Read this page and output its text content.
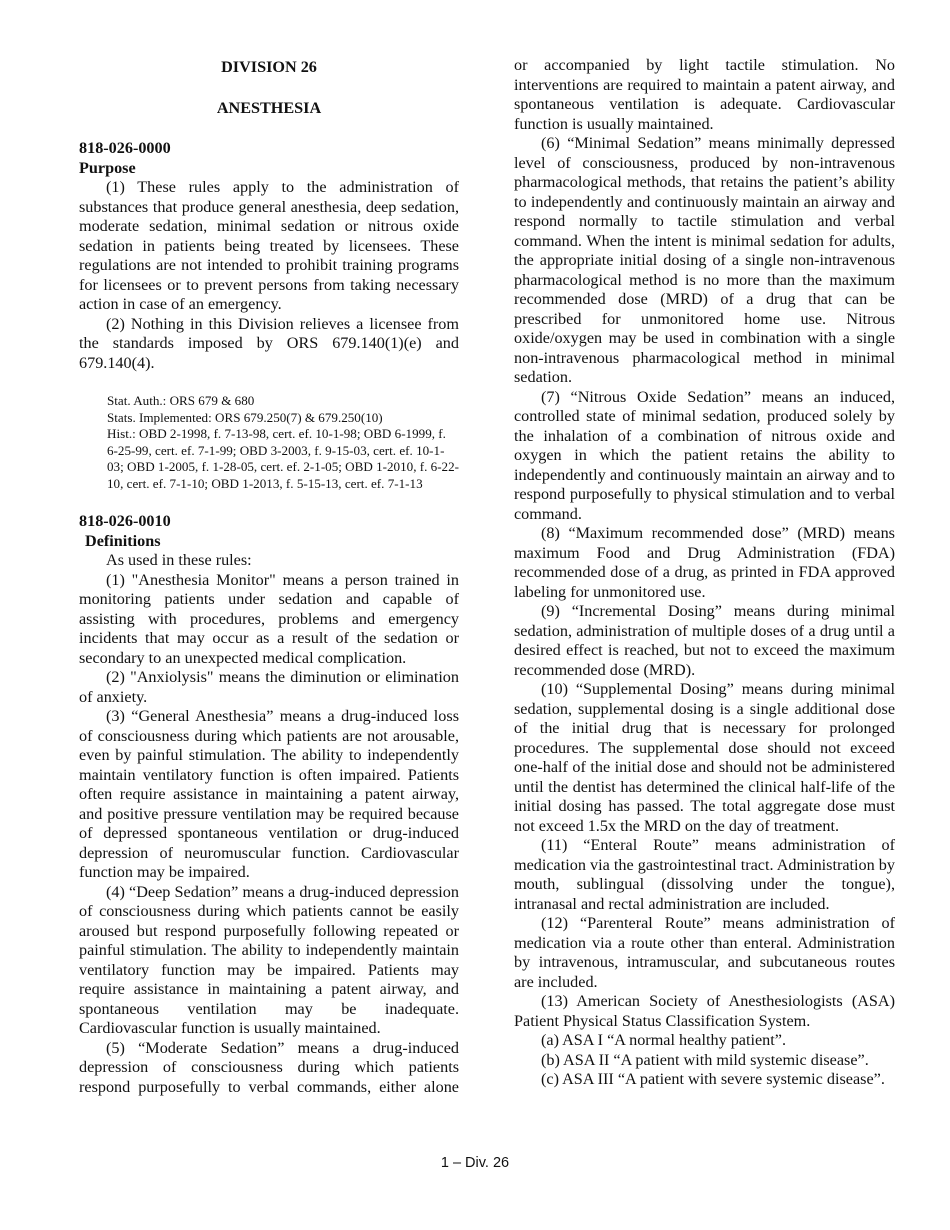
DIVISION 26
ANESTHESIA
818-026-0000
Purpose

(1) These rules apply to the administration of substances that produce general anesthesia, deep sedation, moderate sedation, minimal sedation or nitrous oxide sedation in patients being treated by licensees. These regulations are not intended to prohibit training programs for licensees or to prevent persons from taking necessary action in case of an emergency.

(2) Nothing in this Division relieves a licensee from the standards imposed by ORS 679.140(1)(e) and 679.140(4).

Stat. Auth.: ORS 679 & 680
Stats. Implemented: ORS 679.250(7) & 679.250(10)
Hist.: OBD 2-1998, f. 7-13-98, cert. ef. 10-1-98; OBD 6-1999, f. 6-25-99, cert. ef. 7-1-99; OBD 3-2003, f. 9-15-03, cert. ef. 10-1-03; OBD 1-2005, f. 1-28-05, cert. ef. 2-1-05; OBD 1-2010, f. 6-22-10, cert. ef. 7-1-10; OBD 1-2013, f. 5-15-13, cert. ef. 7-1-13
818-026-0010
Definitions

As used in these rules:

(1) "Anesthesia Monitor" means a person trained in monitoring patients under sedation and capable of assisting with procedures, problems and emergency incidents that may occur as a result of the sedation or secondary to an unexpected medical complication.

(2) "Anxiolysis" means the diminution or elimination of anxiety.

(3) “General Anesthesia” means a drug-induced loss of consciousness during which patients are not arousable, even by painful stimulation. The ability to independently maintain ventilatory function is often impaired. Patients often require assistance in maintaining a patent airway, and positive pressure ventilation may be required because of depressed spontaneous ventilation or drug-induced depression of neuromuscular function. Cardiovascular function may be impaired.

(4) “Deep Sedation” means a drug-induced depression of consciousness during which patients cannot be easily aroused but respond purposefully following repeated or painful stimulation. The ability to independently maintain ventilatory function may be impaired. Patients may require assistance in maintaining a patent airway, and spontaneous ventilation may be inadequate. Cardiovascular function is usually maintained.

(5) “Moderate Sedation” means a drug-induced depression of consciousness during which patients respond purposefully to verbal commands, either alone

or accompanied by light tactile stimulation. No interventions are required to maintain a patent airway, and spontaneous ventilation is adequate. Cardiovascular function is usually maintained.

(6) “Minimal Sedation” means minimally depressed level of consciousness, produced by non-intravenous pharmacological methods, that retains the patient’s ability to independently and continuously maintain an airway and respond normally to tactile stimulation and verbal command. When the intent is minimal sedation for adults, the appropriate initial dosing of a single non-intravenous pharmacological method is no more than the maximum recommended dose (MRD) of a drug that can be prescribed for unmonitored home use. Nitrous oxide/oxygen may be used in combination with a single non-intravenous pharmacological method in minimal sedation.

(7) “Nitrous Oxide Sedation” means an induced, controlled state of minimal sedation, produced solely by the inhalation of a combination of nitrous oxide and oxygen in which the patient retains the ability to independently and continuously maintain an airway and to respond purposefully to physical stimulation and to verbal command.

(8) “Maximum recommended dose” (MRD) means maximum Food and Drug Administration (FDA) recommended dose of a drug, as printed in FDA approved labeling for unmonitored use.

(9) “Incremental Dosing” means during minimal sedation, administration of multiple doses of a drug until a desired effect is reached, but not to exceed the maximum recommended dose (MRD).

(10) “Supplemental Dosing” means during minimal sedation, supplemental dosing is a single additional dose of the initial drug that is necessary for prolonged procedures. The supplemental dose should not exceed one-half of the initial dose and should not be administered until the dentist has determined the clinical half-life of the initial dosing has passed. The total aggregate dose must not exceed 1.5x the MRD on the day of treatment.

(11) “Enteral Route” means administration of medication via the gastrointestinal tract. Administration by mouth, sublingual (dissolving under the tongue), intranasal and rectal administration are included.

(12) “Parenteral Route” means administration of medication via a route other than enteral. Administration by intravenous, intramuscular, and subcutaneous routes are included.

(13) American Society of Anesthesiologists (ASA) Patient Physical Status Classification System.

(a) ASA I “A normal healthy patient”.

(b) ASA II “A patient with mild systemic disease”.

(c) ASA III “A patient with severe systemic disease”.

1 – Div. 26
